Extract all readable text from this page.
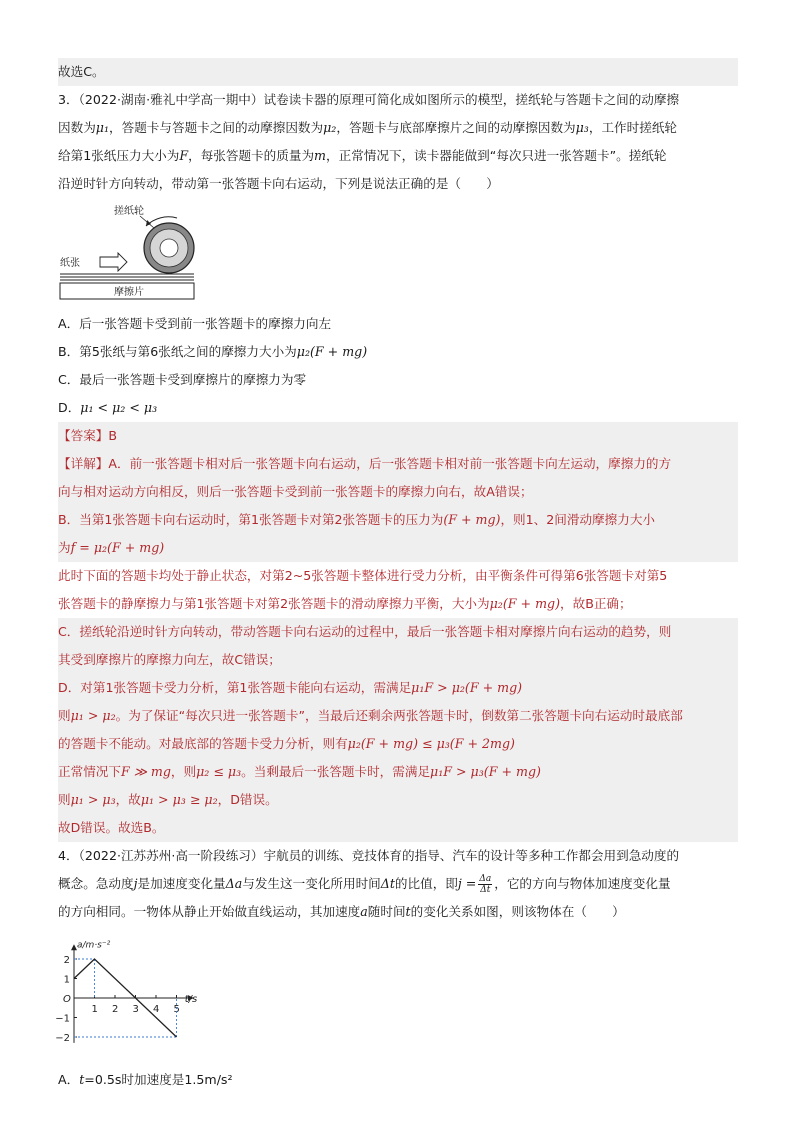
故选C。
3．（2022·湖南·雅礼中学高一期中）试卷读卡器的原理可简化成如图所示的模型，搓纸轮与答题卡之间的动摩擦
因数为μ₁，答题卡与答题卡之间的动摩擦因数为μ₂，答题卡与底部摩擦片之间的动摩擦因数为μ₃，工作时搓纸轮
给第1张纸压力大小为F，每张答题卡的质量为m，正常情况下，读卡器能做到“每次只进一张答题卡”。搓纸轮
沿逆时针方向转动，带动第一张答题卡向右运动，下列是说法正确的是（　　）
搓纸轮
纸张
摩擦片
A．后一张答题卡受到前一张答题卡的摩擦力向左
B．第5张纸与第6张纸之间的摩擦力大小为μ₂(F + mg)
C．最后一张答题卡受到摩擦片的摩擦力为零
D．μ₁ < μ₂ < μ₃
【答案】B
【详解】A．前一张答题卡相对后一张答题卡向右运动，后一张答题卡相对前一张答题卡向左运动，摩擦力的方
向与相对运动方向相反，则后一张答题卡受到前一张答题卡的摩擦力向右，故A错误；
B．当第1张答题卡向右运动时，第1张答题卡对第2张答题卡的压力为(F + mg)，则1、2间滑动摩擦力大小
为f = μ₂(F + mg)
此时下面的答题卡均处于静止状态，对第2~5张答题卡整体进行受力分析，由平衡条件可得第6张答题卡对第5
张答题卡的静摩擦力与第1张答题卡对第2张答题卡的滑动摩擦力平衡，大小为μ₂(F + mg)，故B正确；
C．搓纸轮沿逆时针方向转动，带动答题卡向右运动的过程中，最后一张答题卡相对摩擦片向右运动的趋势，则
其受到摩擦片的摩擦力向左，故C错误；
D．对第1张答题卡受力分析，第1张答题卡能向右运动，需满足μ₁F > μ₂(F + mg)
则μ₁ > μ₂。为了保证“每次只进一张答题卡”，当最后还剩余两张答题卡时，倒数第二张答题卡向右运动时最底部
的答题卡不能动。对最底部的答题卡受力分析，则有μ₂(F + mg) ≤ μ₃(F + 2mg)
正常情况下F ≫ mg，则μ₂ ≤ μ₃。当剩最后一张答题卡时，需满足μ₁F > μ₃(F + mg)
则μ₁ > μ₃，故μ₁ > μ₃ ≥ μ₂，D错误。
故D错误。故选B。
4．（2022·江苏苏州·高一阶段练习）宇航员的训练、竞技体育的指导、汽车的设计等多种工作都会用到急动度的
概念。急动度j是加速度变化量Δa与发生这一变化所用时间Δt的比值，即$j = \frac{\Delta a}{\Delta t}$ ，它的方向与物体加速度变化量
的方向相同。一物体从静止开始做直线运动，其加速度a随时间t的变化关系如图，则该物体在（　　）
a/m·s⁻²
t/s
O
1 2 3 4 5
2
1
−1
−2
A．t=0.5s时加速度是1.5m/s²
